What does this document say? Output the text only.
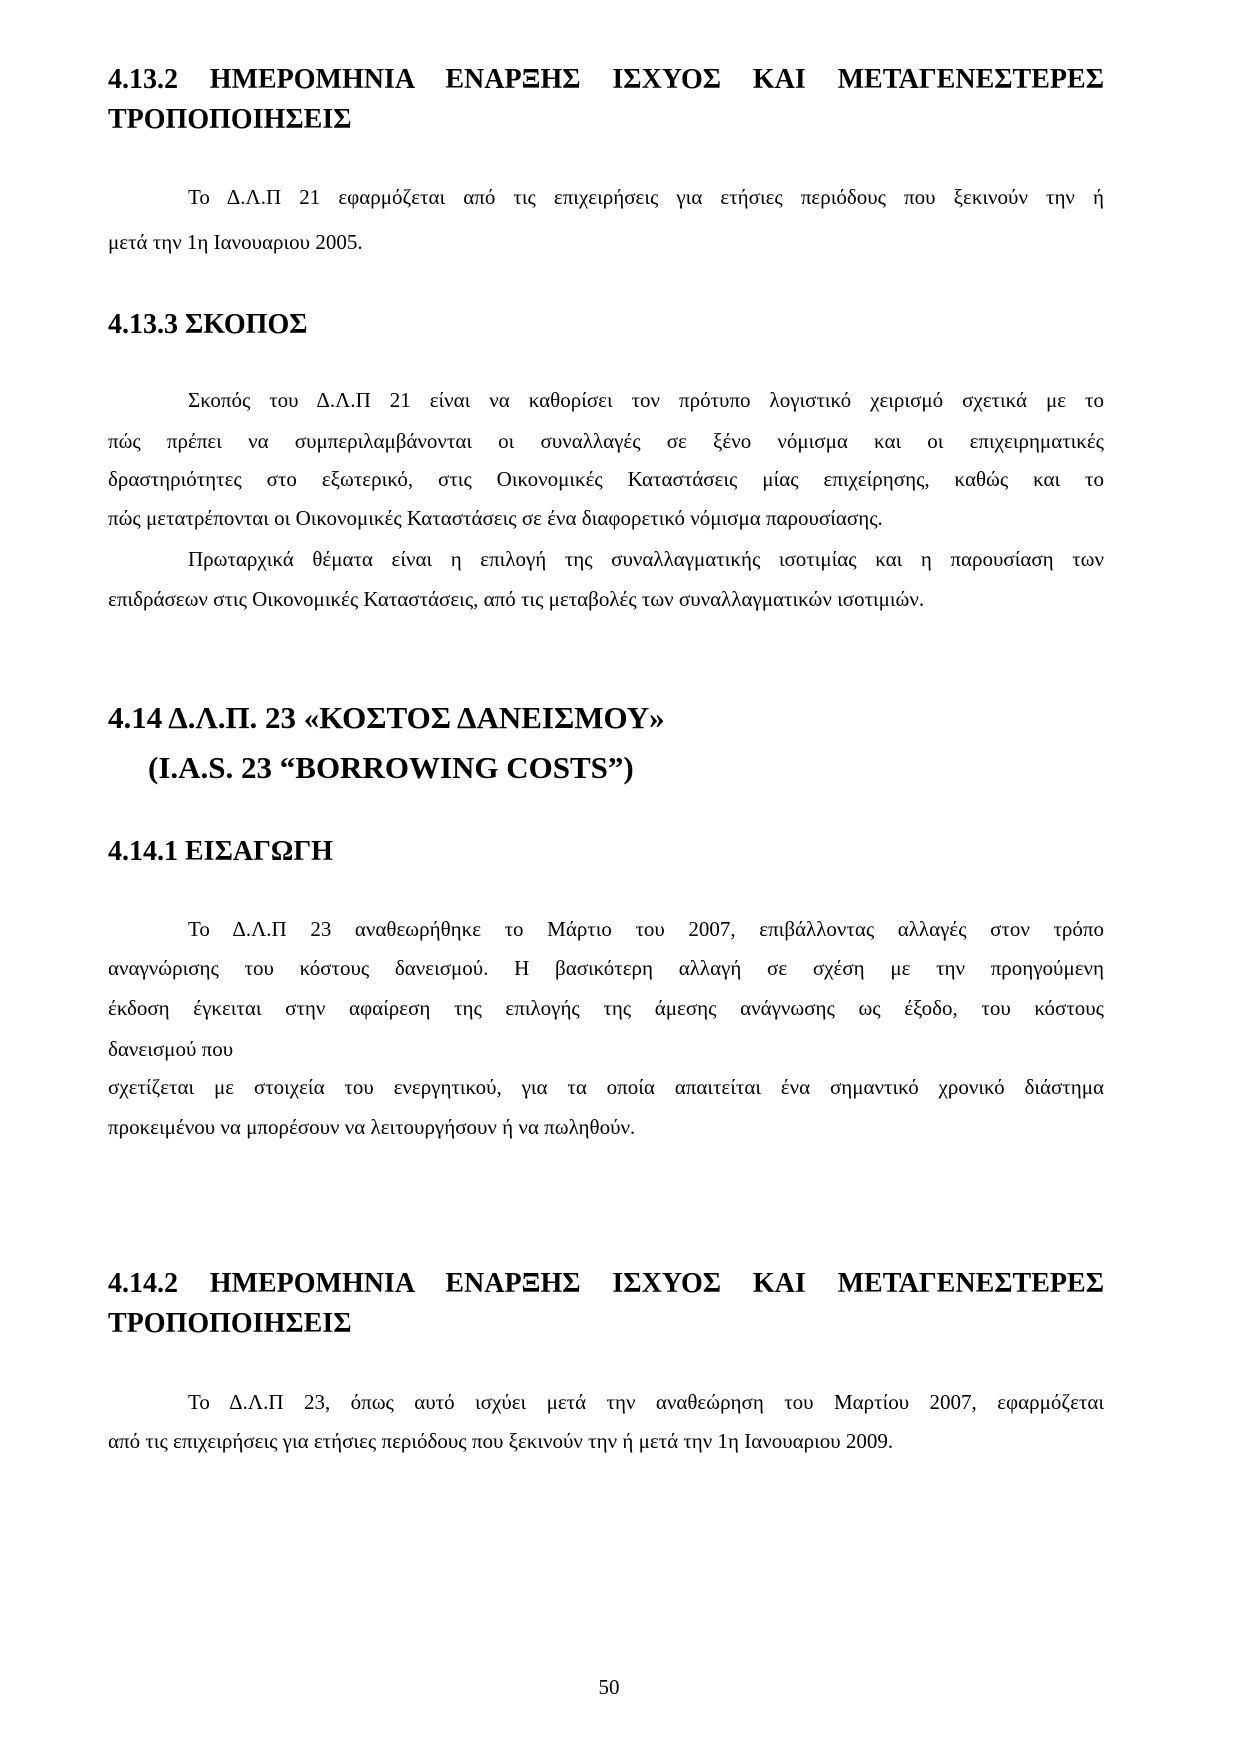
4.13.2 ΗΜΕΡΟΜΗΝΙΑ ΕΝΑΡΞΗΣ ΙΣΧΥΟΣ ΚΑΙ ΜΕΤΑΓΕΝΕΣΤΕΡΕΣ
ΤΡΟΠΟΠΟΙΗΣΕΙΣ
Το Δ.Λ.Π 21 εφαρμόζεται από τις επιχειρήσεις για ετήσιες περιόδους που ξεκινούν την ή
μετά την 1η Ιανουαριου 2005.
4.13.3 ΣΚΟΠΟΣ
Σκοπός του Δ.Λ.Π 21 είναι να καθορίσει τον πρότυπο λογιστικό χειρισμό σχετικά με το
πώς πρέπει να συμπεριλαμβάνονται οι συναλλαγές σε ξένο νόμισμα και οι επιχειρηματικές
δραστηριότητες στο εξωτερικό, στις Οικονομικές Καταστάσεις μίας επιχείρησης, καθώς και το
πώς μετατρέπονται οι Οικονομικές Καταστάσεις σε ένα διαφορετικό νόμισμα παρουσίασης.
Πρωταρχικά θέματα είναι η επιλογή της συναλλαγματικής ισοτιμίας και η παρουσίαση των
επιδράσεων στις Οικονομικές Καταστάσεις, από τις μεταβολές των συναλλαγματικών ισοτιμιών.
4.14 Δ.Λ.Π. 23 «ΚΟΣΤΟΣ ΔΑΝΕΙΣΜΟΥ»
(I.A.S. 23 “BORROWING COSTS”)
4.14.1 ΕΙΣΑΓΩΓΗ
Το Δ.Λ.Π 23 αναθεωρήθηκε το Μάρτιο του 2007, επιβάλλοντας αλλαγές στον τρόπο
αναγνώρισης του κόστους δανεισμού. Η βασικότερη αλλαγή σε σχέση με την προηγούμενη
έκδοση έγκειται στην αφαίρεση της επιλογής της άμεσης ανάγνωσης ως έξοδο, του κόστους
δανεισμού που
σχετίζεται με στοιχεία του ενεργητικού, για τα οποία απαιτείται ένα σημαντικό χρονικό διάστημα
προκειμένου να μπορέσουν να λειτουργήσουν ή να πωληθούν.
4.14.2 ΗΜΕΡΟΜΗΝΙΑ ΕΝΑΡΞΗΣ ΙΣΧΥΟΣ ΚΑΙ ΜΕΤΑΓΕΝΕΣΤΕΡΕΣ
ΤΡΟΠΟΠΟΙΗΣΕΙΣ
Το Δ.Λ.Π 23, όπως αυτό ισχύει μετά την αναθεώρηση του Μαρτίου 2007, εφαρμόζεται
από τις επιχειρήσεις για ετήσιες περιόδους που ξεκινούν την ή μετά την 1η Ιανουαριου 2009.
50
